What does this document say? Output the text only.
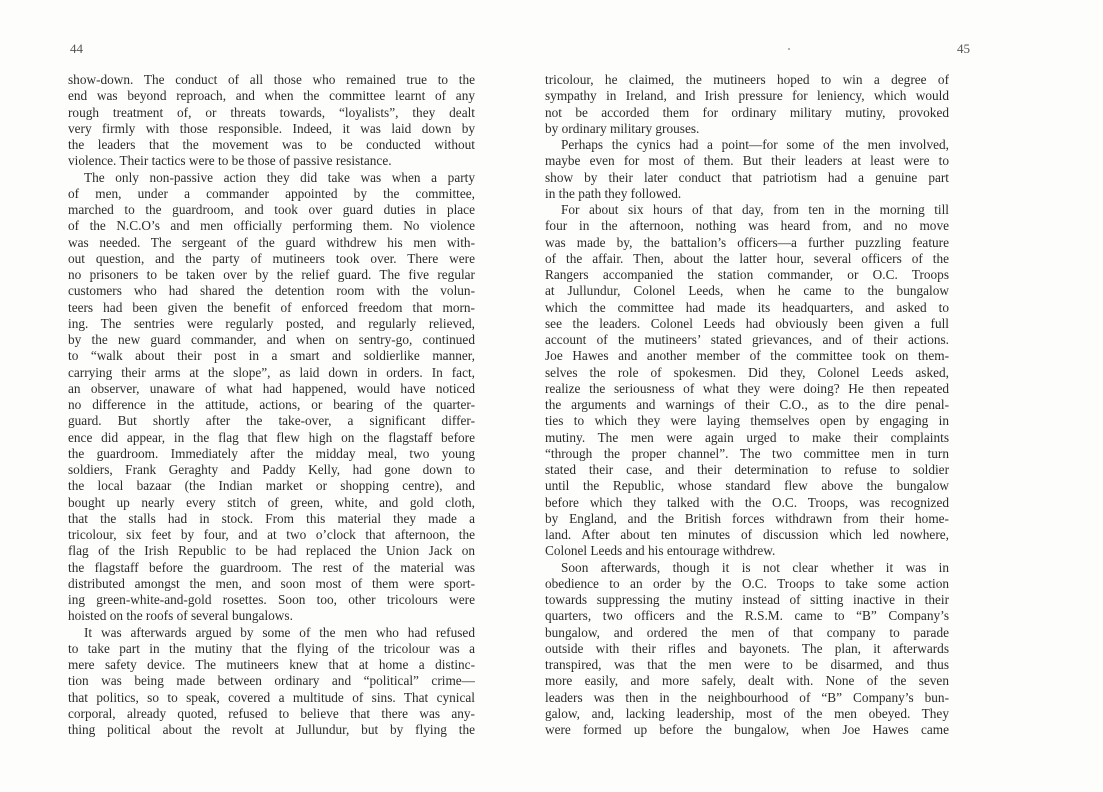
44	45
show-down. The conduct of all those who remained true to the
end was beyond reproach, and when the committee learnt of any
rough treatment of, or threats towards, “loyalists”, they dealt
very firmly with those responsible. Indeed, it was laid down by
the leaders that the movement was to be conducted without
violence. Their tactics were to be those of passive resistance.
The only non-passive action they did take was when a party
of men, under a commander appointed by the committee,
marched to the guardroom, and took over guard duties in place
of the N.C.O’s and men officially performing them. No violence
was needed. The sergeant of the guard withdrew his men with-
out question, and the party of mutineers took over. There were
no prisoners to be taken over by the relief guard. The five regular
customers who had shared the detention room with the volun-
teers had been given the benefit of enforced freedom that morn-
ing. The sentries were regularly posted, and regularly relieved,
by the new guard commander, and when on sentry-go, continued
to “walk about their post in a smart and soldierlike manner,
carrying their arms at the slope”, as laid down in orders. In fact,
an observer, unaware of what had happened, would have noticed
no difference in the attitude, actions, or bearing of the quarter-
guard. But shortly after the take-over, a significant differ-
ence did appear, in the flag that flew high on the flagstaff before
the guardroom. Immediately after the midday meal, two young
soldiers, Frank Geraghty and Paddy Kelly, had gone down to
the local bazaar (the Indian market or shopping centre), and
bought up nearly every stitch of green, white, and gold cloth,
that the stalls had in stock. From this material they made a
tricolour, six feet by four, and at two o’clock that afternoon, the
flag of the Irish Republic to be had replaced the Union Jack on
the flagstaff before the guardroom. The rest of the material was
distributed amongst the men, and soon most of them were sport-
ing green-white-and-gold rosettes. Soon too, other tricolours were
hoisted on the roofs of several bungalows.
It was afterwards argued by some of the men who had refused
to take part in the mutiny that the flying of the tricolour was a
mere safety device. The mutineers knew that at home a distinc-
tion was being made between ordinary and “political” crime—
that politics, so to speak, covered a multitude of sins. That cynical
corporal, already quoted, refused to believe that there was any-
thing political about the revolt at Jullundur, but by flying the
tricolour, he claimed, the mutineers hoped to win a degree of
sympathy in Ireland, and Irish pressure for leniency, which would
not be accorded them for ordinary military mutiny, provoked
by ordinary military grouses.
Perhaps the cynics had a point—for some of the men involved,
maybe even for most of them. But their leaders at least were to
show by their later conduct that patriotism had a genuine part
in the path they followed.
For about six hours of that day, from ten in the morning till
four in the afternoon, nothing was heard from, and no move
was made by, the battalion’s officers—a further puzzling feature
of the affair. Then, about the latter hour, several officers of the
Rangers accompanied the station commander, or O.C. Troops
at Jullundur, Colonel Leeds, when he came to the bungalow
which the committee had made its headquarters, and asked to
see the leaders. Colonel Leeds had obviously been given a full
account of the mutineers’ stated grievances, and of their actions.
Joe Hawes and another member of the committee took on them-
selves the role of spokesmen. Did they, Colonel Leeds asked,
realize the seriousness of what they were doing? He then repeated
the arguments and warnings of their C.O., as to the dire penal-
ties to which they were laying themselves open by engaging in
mutiny. The men were again urged to make their complaints
“through the proper channel”. The two committee men in turn
stated their case, and their determination to refuse to soldier
until the Republic, whose standard flew above the bungalow
before which they talked with the O.C. Troops, was recognized
by England, and the British forces withdrawn from their home-
land. After about ten minutes of discussion which led nowhere,
Colonel Leeds and his entourage withdrew.
Soon afterwards, though it is not clear whether it was in
obedience to an order by the O.C. Troops to take some action
towards suppressing the mutiny instead of sitting inactive in their
quarters, two officers and the R.S.M. came to “B” Company’s
bungalow, and ordered the men of that company to parade
outside with their rifles and bayonets. The plan, it afterwards
transpired, was that the men were to be disarmed, and thus
more easily, and more safely, dealt with. None of the seven
leaders was then in the neighbourhood of “B” Company’s bun-
galow, and, lacking leadership, most of the men obeyed. They
were formed up before the bungalow, when Joe Hawes came
